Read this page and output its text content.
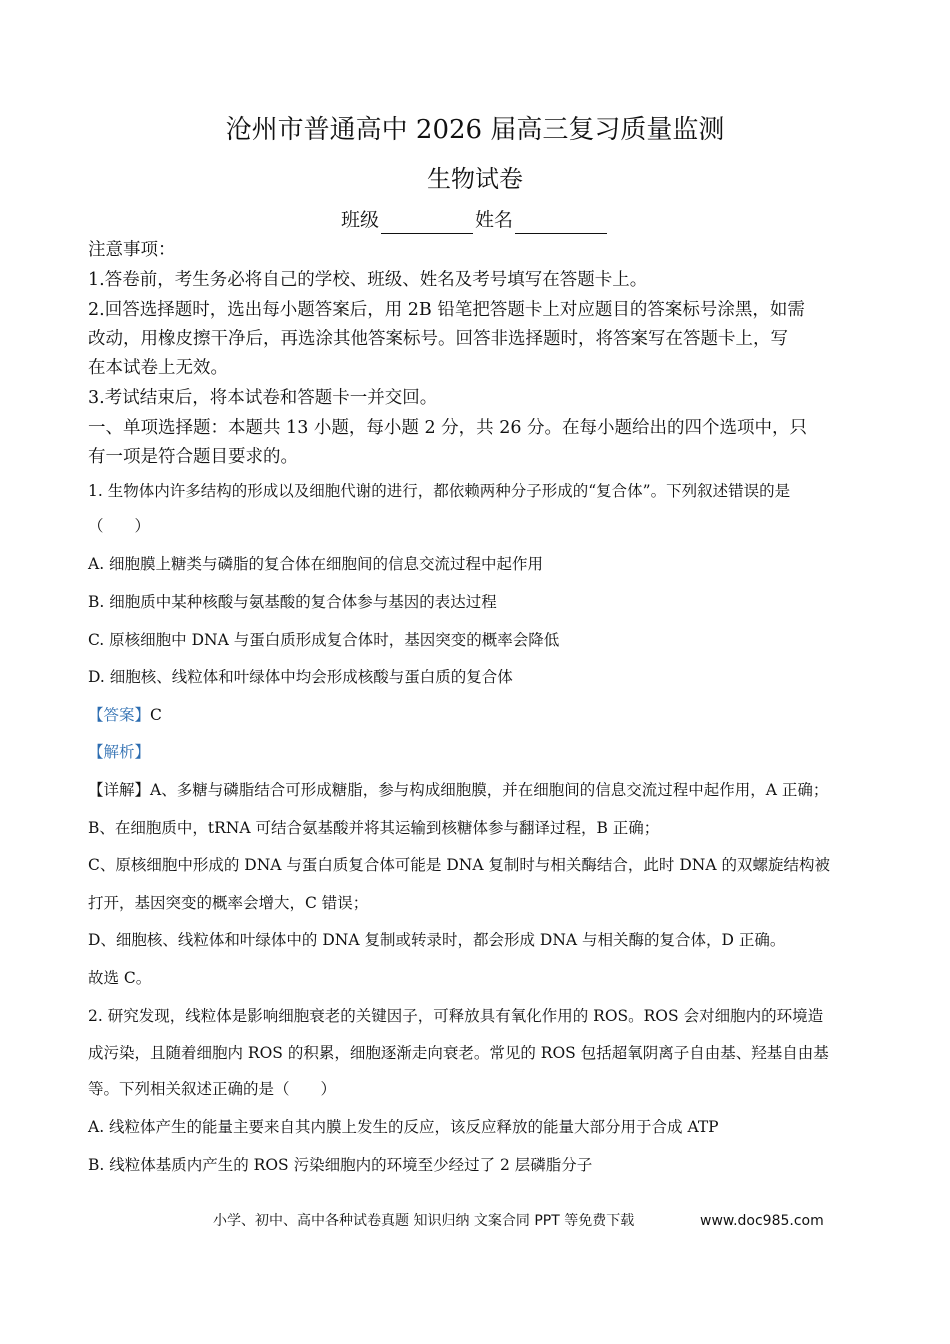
沧州市普通高中 2026 届高三复习质量监测
生物试卷
班级	姓名
注意事项：
1.答卷前，考生务必将自己的学校、班级、姓名及考号填写在答题卡上。
2.回答选择题时，选出每小题答案后，用 2B 铅笔把答题卡上对应题目的答案标号涂黑，如需
改动，用橡皮擦干净后，再选涂其他答案标号。回答非选择题时，将答案写在答题卡上，写
在本试卷上无效。
3.考试结束后，将本试卷和答题卡一并交回。
一、单项选择题：本题共 13 小题，每小题 2 分，共 26 分。在每小题给出的四个选项中，只
有一项是符合题目要求的。
1. 生物体内许多结构的形成以及细胞代谢的进行，都依赖两种分子形成的“复合体”。下列叙述错误的是
（　　）
A. 细胞膜上糖类与磷脂的复合体在细胞间的信息交流过程中起作用
B. 细胞质中某种核酸与氨基酸的复合体参与基因的表达过程
C. 原核细胞中 DNA 与蛋白质形成复合体时，基因突变的概率会降低
D. 细胞核、线粒体和叶绿体中均会形成核酸与蛋白质的复合体
【答案】C
【解析】
【详解】A、多糖与磷脂结合可形成糖脂，参与构成细胞膜，并在细胞间的信息交流过程中起作用，A 正确；
B、在细胞质中，tRNA 可结合氨基酸并将其运输到核糖体参与翻译过程，B 正确；
C、原核细胞中形成的 DNA 与蛋白质复合体可能是 DNA 复制时与相关酶结合，此时 DNA 的双螺旋结构被
打开，基因突变的概率会增大，C 错误；
D、细胞核、线粒体和叶绿体中的 DNA 复制或转录时，都会形成 DNA 与相关酶的复合体，D 正确。
故选 C。
2. 研究发现，线粒体是影响细胞衰老的关键因子，可释放具有氧化作用的 ROS。ROS 会对细胞内的环境造
成污染，且随着细胞内 ROS 的积累，细胞逐渐走向衰老。常见的 ROS 包括超氧阴离子自由基、羟基自由基
等。下列相关叙述正确的是（　　）
A. 线粒体产生的能量主要来自其内膜上发生的反应，该反应释放的能量大部分用于合成 ATP
B. 线粒体基质内产生的 ROS 污染细胞内的环境至少经过了 2 层磷脂分子
小学、初中、高中各种试卷真题 知识归纳 文案合同 PPT 等免费下载	www.doc985.com
